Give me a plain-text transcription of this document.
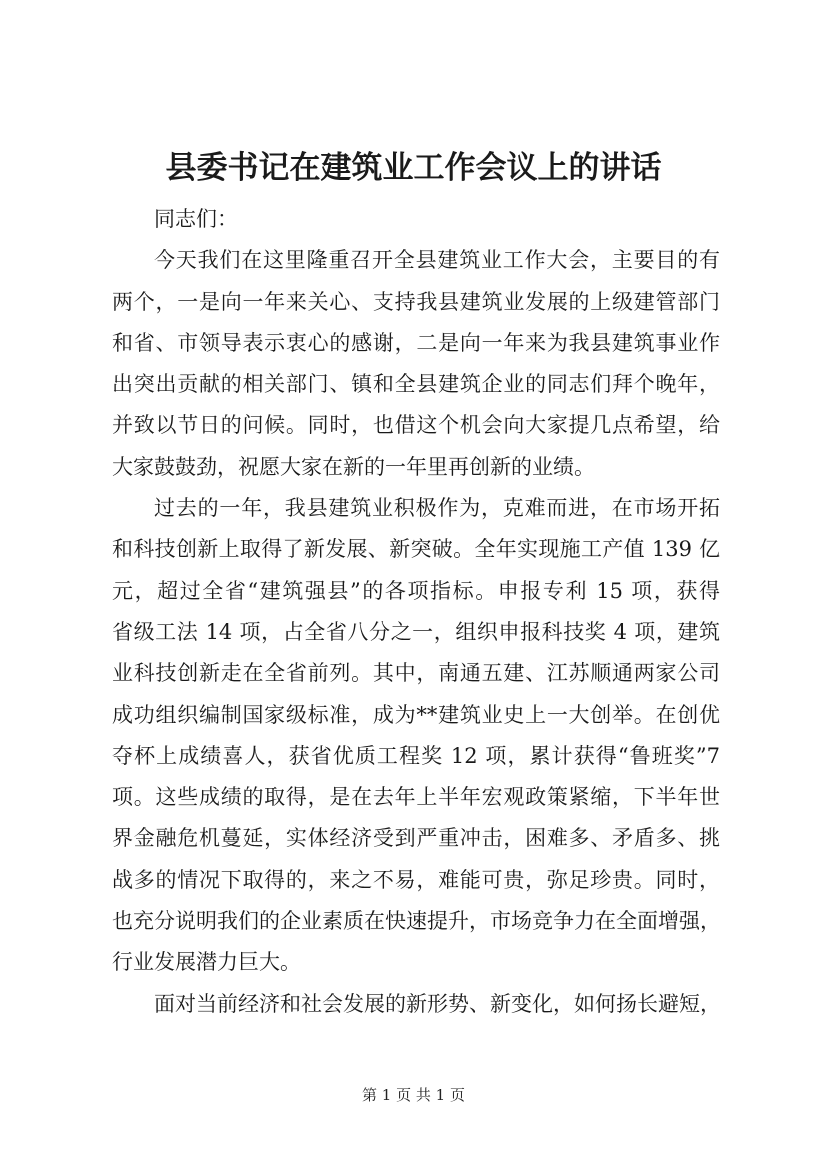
县委书记在建筑业工作会议上的讲话
同志们：
今天我们在这里隆重召开全县建筑业工作大会，主要目的有
两个，一是向一年来关心、支持我县建筑业发展的上级建管部门
和省、市领导表示衷心的感谢，二是向一年来为我县建筑事业作
出突出贡献的相关部门、镇和全县建筑企业的同志们拜个晚年，
并致以节日的问候。同时，也借这个机会向大家提几点希望，给
大家鼓鼓劲，祝愿大家在新的一年里再创新的业绩。
过去的一年，我县建筑业积极作为，克难而进，在市场开拓
和科技创新上取得了新发展、新突破。全年实现施工产值 139 亿
元，超过全省“建筑强县”的各项指标。申报专利 15 项，获得
省级工法 14 项，占全省八分之一，组织申报科技奖 4 项，建筑
业科技创新走在全省前列。其中，南通五建、江苏顺通两家公司
成功组织编制国家级标准，成为**建筑业史上一大创举。在创优
夺杯上成绩喜人，获省优质工程奖 12 项，累计获得“鲁班奖”7
项。这些成绩的取得，是在去年上半年宏观政策紧缩，下半年世
界金融危机蔓延，实体经济受到严重冲击，困难多、矛盾多、挑
战多的情况下取得的，来之不易，难能可贵，弥足珍贵。同时，
也充分说明我们的企业素质在快速提升，市场竞争力在全面增强，
行业发展潜力巨大。
面对当前经济和社会发展的新形势、新变化，如何扬长避短，
第 1 页 共 1 页
